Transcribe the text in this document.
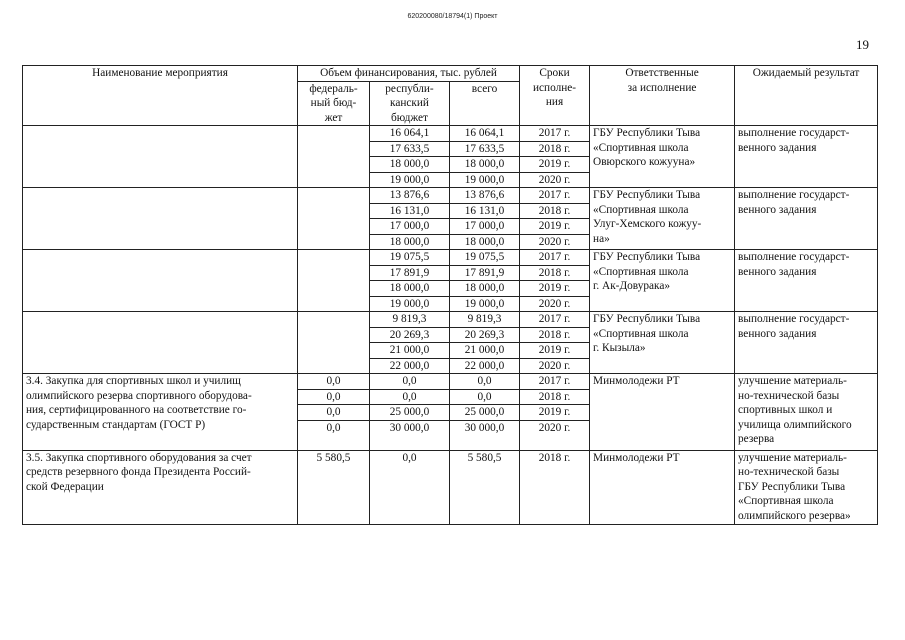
620200080/18794(1) Проект
19
Наименование мероприятия	Объем финансирования, тыс. рублей			Сроки
исполне-
ния	Ответственные
за исполнение	Ожидаемый результат
	федераль-
ный бюд-
жет	республи-
канский
бюджет	всего			
		16 064,1	16 064,1	2017 г.	ГБУ Республики Тыва
«Спортивная школа
Овюрского кожууна»	выполнение государст-
венного задания
		17 633,5	17 633,5	2018 г.		
		18 000,0	18 000,0	2019 г.		
		19 000,0	19 000,0	2020 г.		
		13 876,6	13 876,6	2017 г.	ГБУ Республики Тыва
«Спортивная школа
Улуг-Хемского кожуу-
на»	выполнение государст-
венного задания
		16 131,0	16 131,0	2018 г.		
		17 000,0	17 000,0	2019 г.		
		18 000,0	18 000,0	2020 г.		
		19 075,5	19 075,5	2017 г.	ГБУ Республики Тыва
«Спортивная школа
г. Ак-Довурака»	выполнение государст-
венного задания
		17 891,9	17 891,9	2018 г.		
		18 000,0	18 000,0	2019 г.		
		19 000,0	19 000,0	2020 г.		
		9 819,3	9 819,3	2017 г.	ГБУ Республики Тыва
«Спортивная школа
г. Кызыла»	выполнение государст-
венного задания
		20 269,3	20 269,3	2018 г.		
		21 000,0	21 000,0	2019 г.		
		22 000,0	22 000,0	2020 г.		
3.4. Закупка для спортивных школ и училищ
олимпийского резерва спортивного оборудова-
ния, сертифицированного на соответствие го-
сударственным стандартам (ГОСТ Р)	0,0	0,0	0,0	2017 г.	Минмолодежи РТ	улучшение материаль-
но-технической базы
спортивных школ и
училища олимпийского
резерва
	0,0	0,0	0,0	2018 г.		
	0,0	25 000,0	25 000,0	2019 г.		
	0,0	30 000,0	30 000,0	2020 г.		
3.5. Закупка спортивного оборудования за счет
средств резервного фонда Президента Россий-
ской Федерации	5 580,5	0,0	5 580,5	2018 г.	Минмолодежи РТ	улучшение материаль-
но-технической базы
ГБУ Республики Тыва
«Спортивная школа
олимпийского резерва»
